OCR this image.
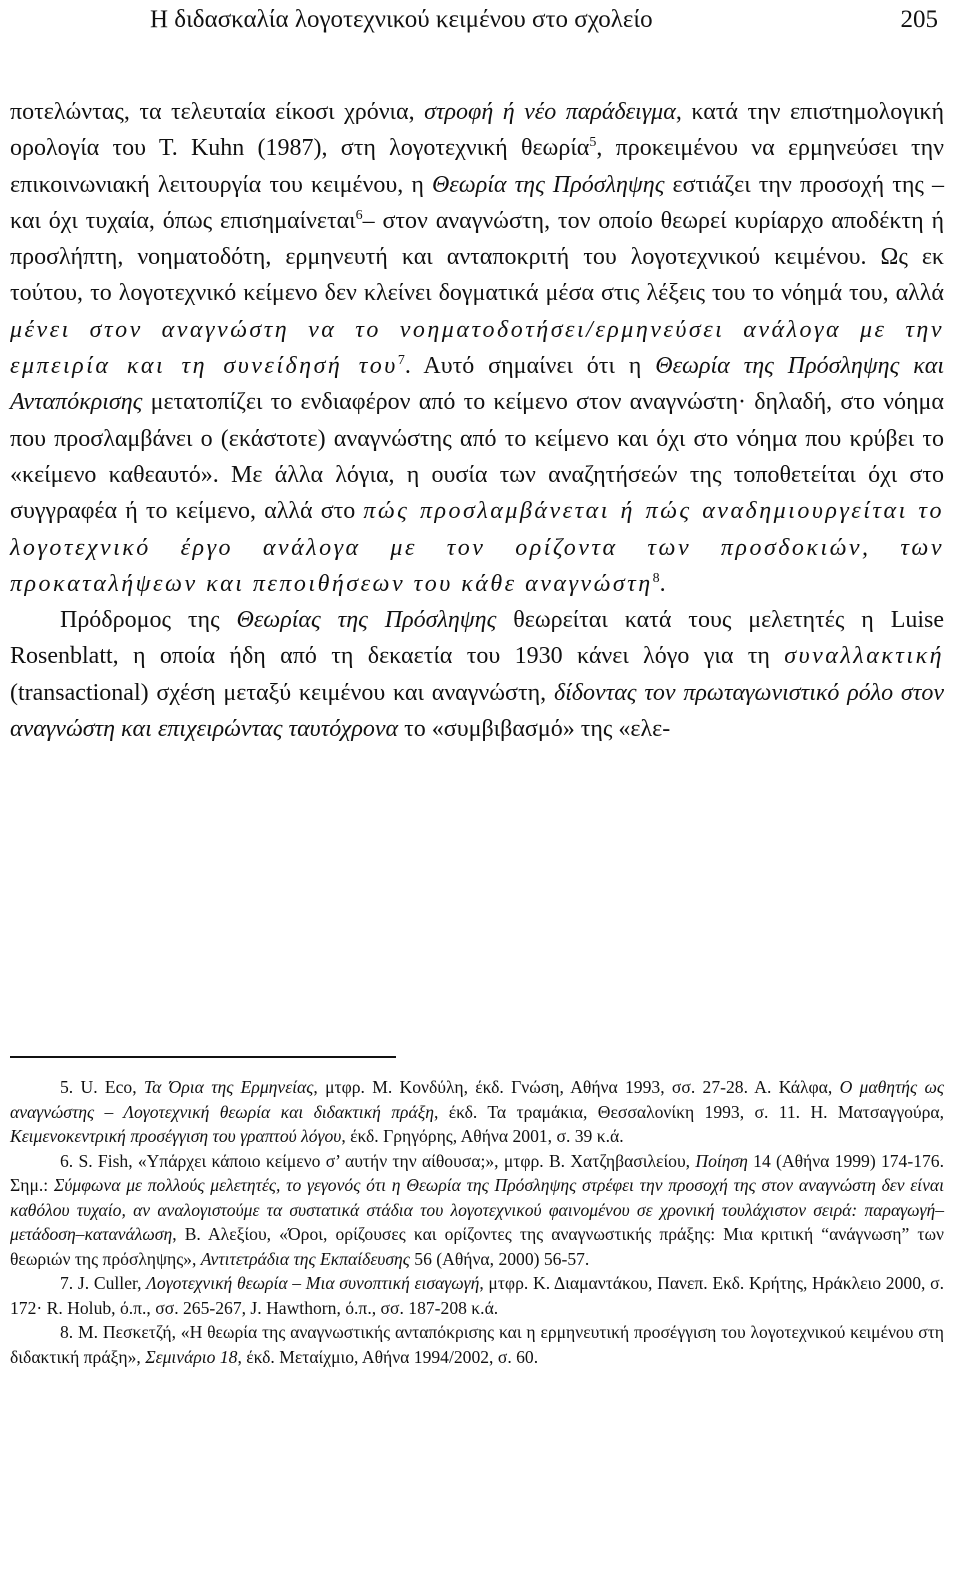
Η διδασκαλία λογοτεχνικού κειμένου στο σχολείο	205

ποτελώντας, τα τελευταία είκοσι χρόνια, στροφή ή νέο παράδειγμα, κατά την επιστημολογική ορολογία του Τ. Kuhn (1987), στη λογοτεχνική θεωρία$^5$, προκειμένου να ερμηνεύσει την επικοινωνιακή λειτουργία του κειμένου, η Θεωρία της Πρόσληψης εστιάζει την προσοχή της –και όχι τυχαία, όπως επισημαίνεται$^6$– στον αναγνώστη, τον οποίο θεωρεί κυρίαρχο αποδέκτη ή προσλήπτη, νοηματοδότη, ερμηνευτή και ανταποκριτή του λογοτεχνικού κειμένου. Ως εκ τούτου, το λογοτεχνικό κείμενο δεν κλείνει δογματικά μέσα στις λέξεις του το νόημά του, αλλά μένει στον αναγνώστη να το νοηματοδοτήσει/ερμηνεύσει ανάλογα με την εμπειρία και τη συνείδησή του$^7$. Αυτό σημαίνει ότι η Θεωρία της Πρόσληψης και Ανταπόκρισης μετατοπίζει το ενδιαφέρον από το κείμενο στον αναγνώστη· δηλαδή, στο νόημα που προσλαμβάνει ο (εκάστοτε) αναγνώστης από το κείμενο και όχι στο νόημα που κρύβει το «κείμενο καθεαυτό». Με άλλα λόγια, η ουσία των αναζητήσεών της τοποθετείται όχι στο συγγραφέα ή το κείμενο, αλλά στο πώς προσλαμβάνεται ή πώς αναδημιουργείται το λογοτεχνικό έργο ανάλογα με τον ορίζοντα των προσδοκιών, των προκαταλήψεων και πεποιθήσεων του κάθε αναγνώστη$^8$.

Πρόδρομος της Θεωρίας της Πρόσληψης θεωρείται κατά τους μελετητές η Luise Rosenblatt, η οποία ήδη από τη δεκαετία του 1930 κάνει λόγο για τη συναλλακτική (transactional) σχέση μεταξύ κειμένου και αναγνώστη, δίδοντας τον πρωταγωνιστικό ρόλο στον αναγνώστη και επιχειρώντας ταυτόχρονα το «συμβιβασμό» της «ελε-

5. U. Eco, Τα Όρια της Ερμηνείας, μτφρ. Μ. Κονδύλη, έκδ. Γνώση, Αθήνα 1993, σσ. 27-28. Α. Κάλφα, Ο μαθητής ως αναγνώστης – Λογοτεχνική θεωρία και διδακτική πράξη, έκδ. Τα τραμάκια, Θεσσαλονίκη 1993, σ. 11. Η. Ματσαγγούρα, Κειμενοκεντρική προσέγγιση του γραπτού λόγου, έκδ. Γρηγόρης, Αθήνα 2001, σ. 39 κ.ά.

6. S. Fish, «Υπάρχει κάποιο κείμενο σ’ αυτήν την αίθουσα;», μτφρ. Β. Χατζηβασιλείου, Ποίηση 14 (Αθήνα 1999) 174-176. Σημ.: Σύμφωνα με πολλούς μελετητές, το γεγονός ότι η Θεωρία της Πρόσληψης στρέφει την προσοχή της στον αναγνώστη δεν είναι καθόλου τυχαίο, αν αναλογιστούμε τα συστατικά στάδια του λογοτεχνικού φαινομένου σε χρονική τουλάχιστον σειρά: παραγωγή–μετάδοση–κατανάλωση, Β. Αλεξίου, «Όροι, ορίζουσες και ορίζοντες της αναγνωστικής πράξης: Μια κριτική “ανάγνωση” των θεωριών της πρόσληψης», Αντιτετράδια της Εκπαίδευσης 56 (Αθήνα, 2000) 56-57.

7. J. Culler, Λογοτεχνική θεωρία – Μια συνοπτική εισαγωγή, μτφρ. Κ. Διαμαντάκου, Πανεπ. Εκδ. Κρήτης, Ηράκλειο 2000, σ. 172· R. Holub, ό.π., σσ. 265-267, J. Hawthorn, ό.π., σσ. 187-208 κ.ά.

8. Μ. Πεσκετζή, «Η θεωρία της αναγνωστικής ανταπόκρισης και η ερμηνευτική προσέγγιση του λογοτεχνικού κειμένου στη διδακτική πράξη», Σεμινάριο 18, έκδ. Μεταίχμιο, Αθήνα 1994/2002, σ. 60.
